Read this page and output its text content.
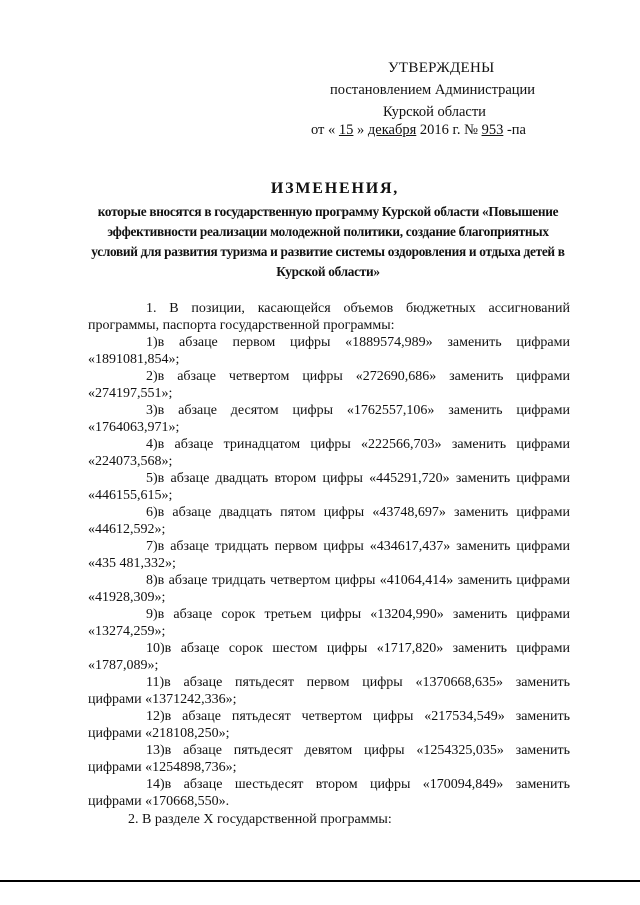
УТВЕРЖДЕНЫ
постановлением Администрации
Курской области
от « 15 » декабря 2016 г. № 953 -па
ИЗМЕНЕНИЯ,
которые вносятся в государственную программу Курской области «Повышение эффективности реализации молодежной политики, создание благоприятных условий для развития туризма и развитие системы оздоровления и отдыха детей в Курской области»

1. В позиции, касающейся объемов бюджетных ассигнований программы, паспорта государственной программы:

1)в абзаце первом цифры «1889574,989» заменить цифрами «1891081,854»;

2)в абзаце четвертом цифры «272690,686» заменить цифрами «274197,551»;

3)в абзаце десятом цифры «1762557,106» заменить цифрами «1764063,971»;

4)в абзаце тринадцатом цифры «222566,703» заменить цифрами «224073,568»;

5)в абзаце двадцать втором цифры «445291,720» заменить цифрами «446155,615»;

6)в абзаце двадцать пятом цифры «43748,697» заменить цифрами «44612,592»;

7)в абзаце тридцать первом цифры «434617,437» заменить цифрами «435 481,332»;

8)в абзаце тридцать четвертом цифры «41064,414» заменить цифрами «41928,309»;

9)в абзаце сорок третьем цифры «13204,990» заменить цифрами «13274,259»;

10)в абзаце сорок шестом цифры «1717,820» заменить цифрами «1787,089»;

11)в абзаце пятьдесят первом цифры «1370668,635» заменить цифрами «1371242,336»;

12)в абзаце пятьдесят четвертом цифры «217534,549» заменить цифрами «218108,250»;

13)в абзаце пятьдесят девятом цифры «1254325,035» заменить цифрами «1254898,736»;

14)в абзаце шестьдесят втором цифры «170094,849» заменить цифрами «170668,550».

2. В разделе X государственной программы:
